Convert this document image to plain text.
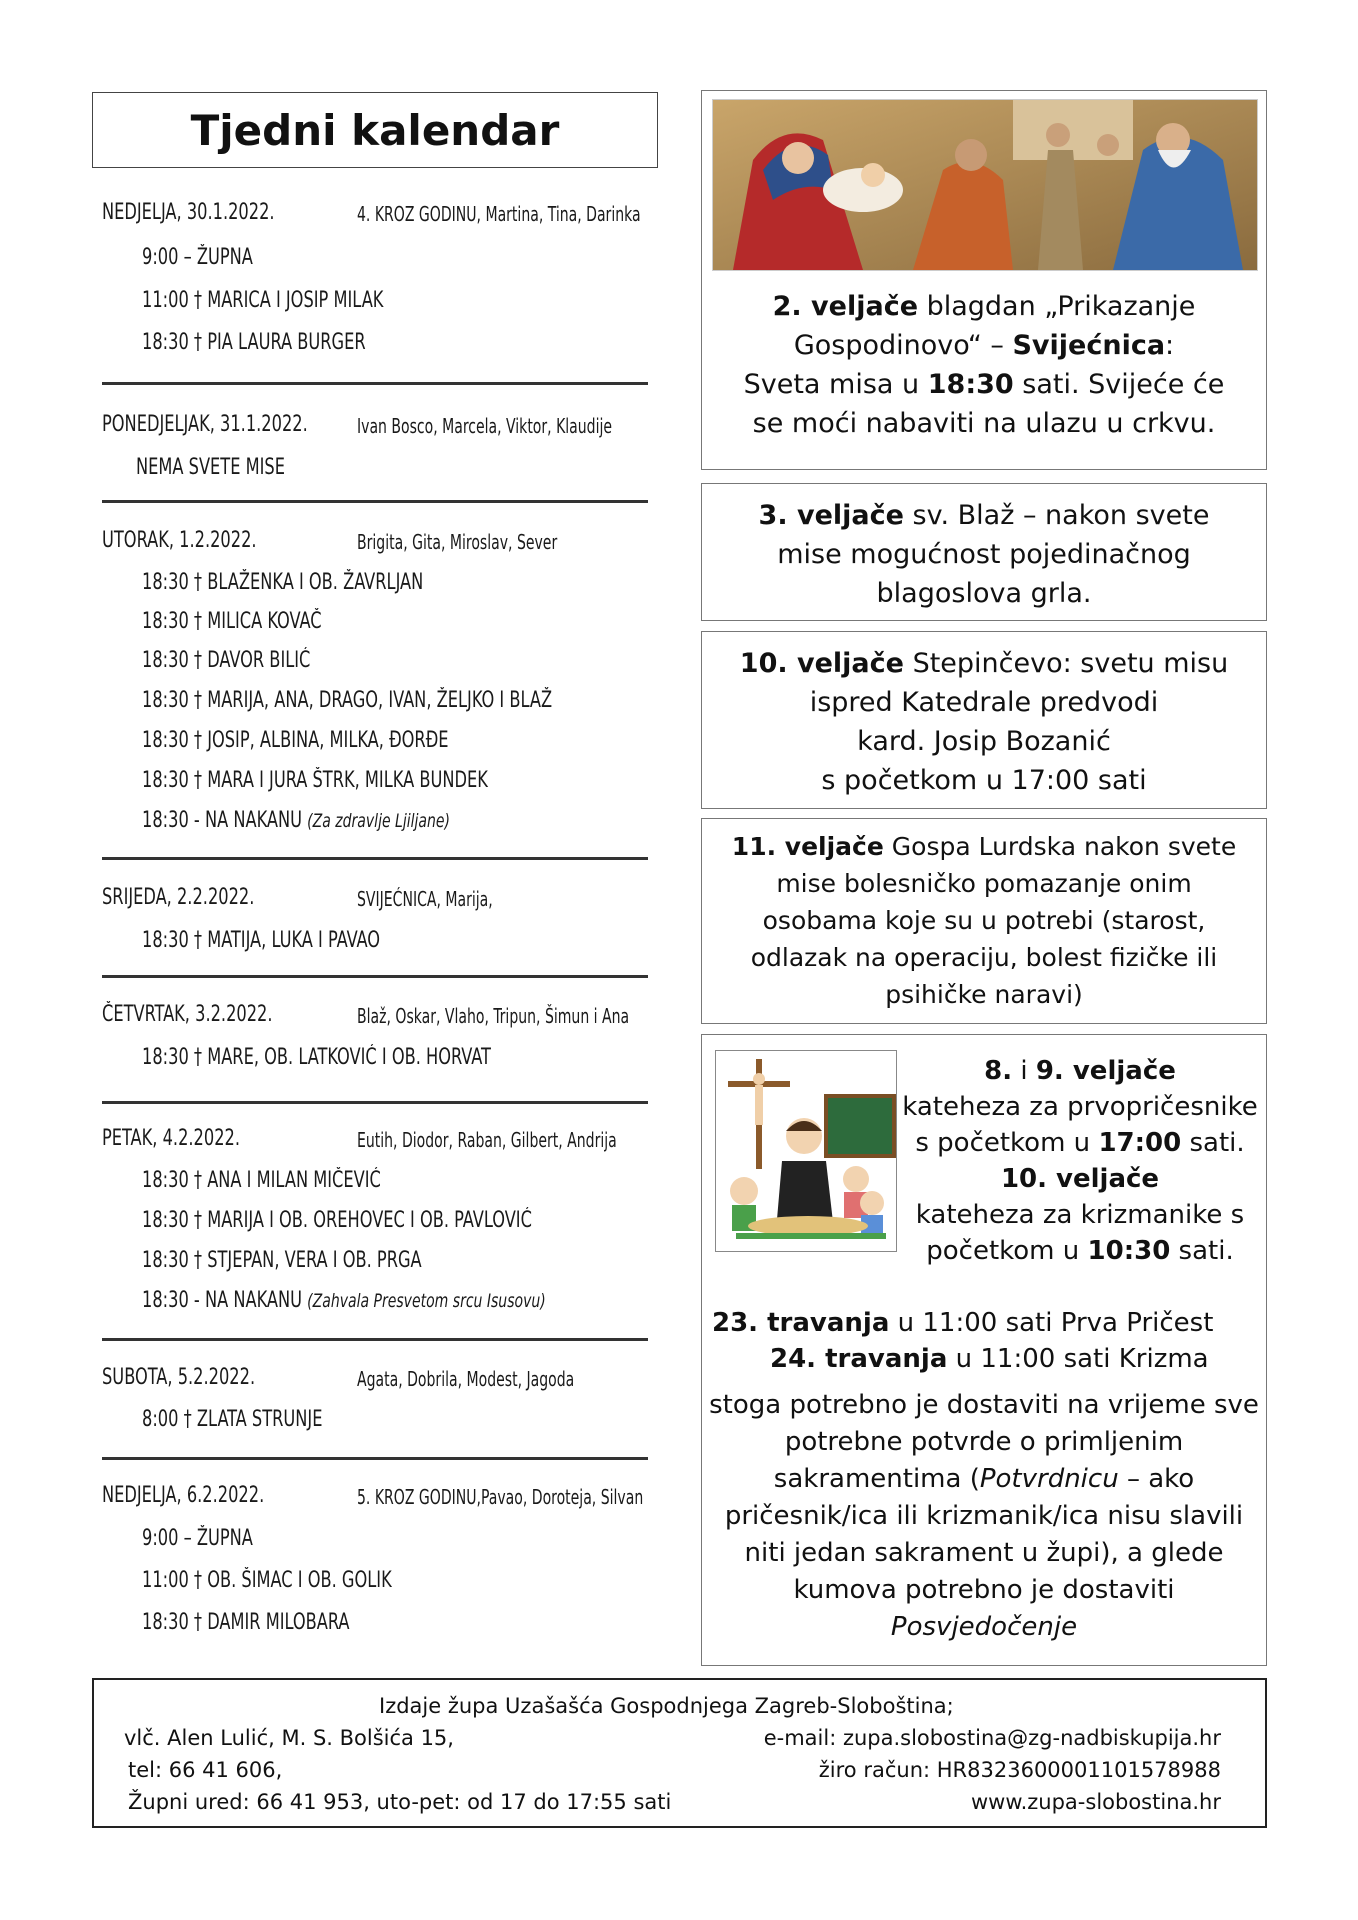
Tjedni kalendar
NEDJELJA, 30.1.2022.	4. KROZ GODINU, Martina, Tina, Darinka
9:00 – ŽUPNA
11:00 † MARICA I JOSIP MILAK
18:30 † PIA LAURA BURGER
PONEDJELJAK, 31.1.2022. Ivan Bosco, Marcela, Viktor, Klaudije
NEMA SVETE MISE
UTORAK, 1.2.2022.	Brigita, Gita, Miroslav, Sever
18:30 † BLAŽENKA I OB. ŽAVRLJAN
18:30 † MILICA KOVAČ
18:30 † DAVOR BILIĆ
18:30 † MARIJA, ANA, DRAGO, IVAN, ŽELJKO I BLAŽ
18:30 † JOSIP, ALBINA, MILKA, ĐORĐE
18:30 † MARA I JURA ŠTRK, MILKA BUNDEK
18:30 - NA NAKANU (Za zdravlje Ljiljane)
SRIJEDA, 2.2.2022.	SVIJEĆNICA, Marija,
18:30 † MATIJA, LUKA I PAVAO
ČETVRTAK, 3.2.2022.	Blaž, Oskar, Vlaho, Tripun, Šimun i Ana
18:30 † MARE, OB. LATKOVIĆ I OB. HORVAT
PETAK, 4.2.2022.	Eutih, Diodor, Raban, Gilbert, Andrija
18:30 † ANA I MILAN MIČEVIĆ
18:30 † MARIJA I OB. OREHOVEC I OB. PAVLOVIĆ
18:30 † STJEPAN, VERA I OB. PRGA
18:30 - NA NAKANU (Zahvala Presvetom srcu Isusovu)
SUBOTA, 5.2.2022.	Agata, Dobrila, Modest, Jagoda
8:00 † ZLATA STRUNJE
NEDJELJA, 6.2.2022.	5. KROZ GODINU,Pavao, Doroteja, Silvan
9:00 – ŽUPNA
11:00 † OB. ŠIMAC I OB. GOLIK
18:30 † DAMIR MILOBARA
2. veljače blagdan „Prikazanje
Gospodinovo“ – Svijećnica:
Sveta misa u 18:30 sati. Svijeće će
se moći nabaviti na ulazu u crkvu.
3. veljače sv. Blaž – nakon svete
mise mogućnost pojedinačnog
blagoslova grla.
10. veljače Stepinčevo: svetu misu
ispred Katedrale predvodi
kard. Josip Bozanić
s početkom u 17:00 sati
11. veljače Gospa Lurdska nakon svete
mise bolesničko pomazanje onim
osobama koje su u potrebi (starost,
odlazak na operaciju, bolest fizičke ili
psihičke naravi)
8. i 9. veljače
kateheza za prvopričesnike
s početkom u 17:00 sati.
10. veljače
kateheza za krizmanike s
početkom u 10:30 sati.
23. travanja u 11:00 sati Prva Pričest
24. travanja u 11:00 sati Krizma
stoga potrebno je dostaviti na vrijeme sve
potrebne potvrde o primljenim
sakramentima (Potvrdnicu – ako
pričesnik/ica ili krizmanik/ica nisu slavili
niti jedan sakrament u župi), a glede
kumova potrebno je dostaviti
Posvjedočenje
Izdaje župa Uzašašća Gospodnjega Zagreb-Sloboština;
vlč. Alen Lulić, M. S. Bolšića 15,
tel: 66 41 606,
Župni ured: 66 41 953, uto-pet: od 17 do 17:55 sati
e-mail: zupa.slobostina@zg-nadbiskupija.hr
žiro račun: HR8323600001101578988
www.zupa-slobostina.hr
